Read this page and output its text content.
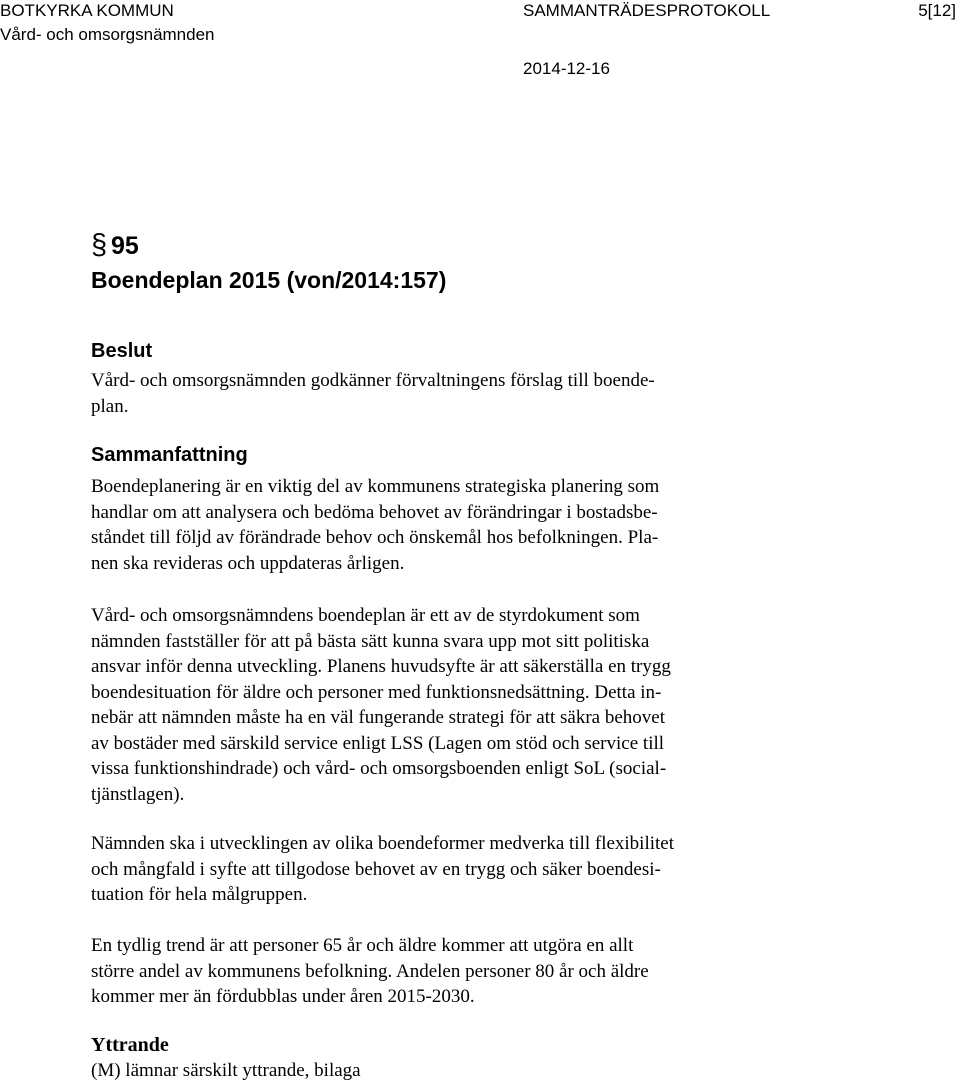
BOTKYRKA KOMMUN	SAMMANTRÄDESPROTOKOLL	5[12]
Vård- och omsorgsnämnden
2014-12-16
§ 95
Boendeplan 2015 (von/2014:157)
Beslut
Vård- och omsorgsnämnden godkänner förvaltningens förslag till boende-
plan.
Sammanfattning
Boendeplanering är en viktig del av kommunens strategiska planering som
handlar om att analysera och bedöma behovet av förändringar i bostadsbe-
ståndet till följd av förändrade behov och önskemål hos befolkningen. Pla-
nen ska revideras och uppdateras årligen.
Vård- och omsorgsnämndens boendeplan är ett av de styrdokument som
nämnden fastställer för att på bästa sätt kunna svara upp mot sitt politiska
ansvar inför denna utveckling. Planens huvudsyfte är att säkerställa en trygg
boendesituation för äldre och personer med funktionsnedsättning. Detta in-
nebär att nämnden måste ha en väl fungerande strategi för att säkra behovet
av bostäder med särskild service enligt LSS (Lagen om stöd och service till
vissa funktionshindrade) och vård- och omsorgsboenden enligt SoL (social-
tjänstlagen).
Nämnden ska i utvecklingen av olika boendeformer medverka till flexibilitet
och mångfald i syfte att tillgodose behovet av en trygg och säker boendesi-
tuation för hela målgruppen.
En tydlig trend är att personer 65 år och äldre kommer att utgöra en allt
större andel av kommunens befolkning. Andelen personer 80 år och äldre
kommer mer än fördubblas under åren 2015-2030.
Yttrande
(M) lämnar särskilt yttrande, bilaga
